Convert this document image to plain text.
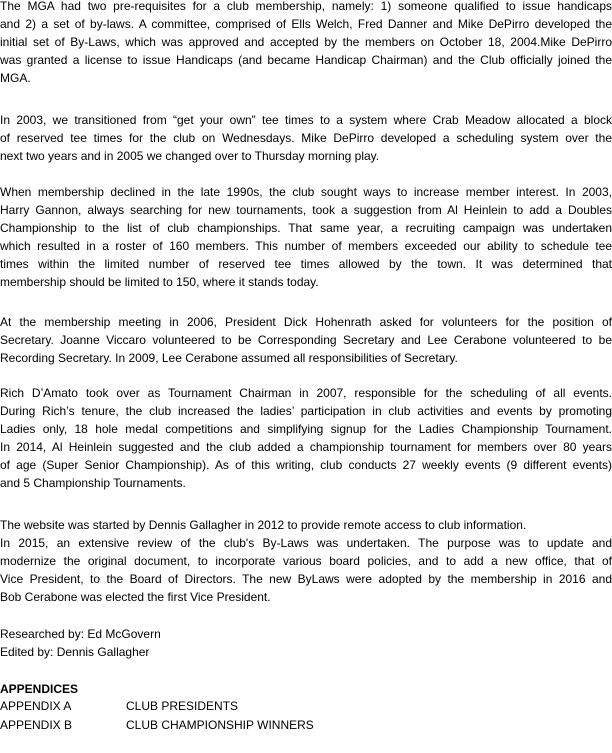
The MGA had two pre-requisites for a club membership, namely: 1) someone qualified to issue handicaps
and 2) a set of by-laws. A committee, comprised of Ells Welch, Fred Danner and Mike DePirro developed the
initial set of By-Laws, which was approved and accepted by the members on October 18, 2004.Mike DePirro
was granted a license to issue Handicaps (and became Handicap Chairman) and the Club officially joined the
MGA.
In 2003, we transitioned from “get your own” tee times to a system where Crab Meadow allocated a block
of reserved tee times for the club on Wednesdays. Mike DePirro developed a scheduling system over the
next two years and in 2005 we changed over to Thursday morning play.
When membership declined in the late 1990s, the club sought ways to increase member interest. In 2003,
Harry Gannon, always searching for new tournaments, took a suggestion from Al Heinlein to add a Doubles
Championship to the list of club championships. That same year, a recruiting campaign was undertaken
which resulted in a roster of 160 members. This number of members exceeded our ability to schedule tee
times within the limited number of reserved tee times allowed by the town. It was determined that
membership should be limited to 150, where it stands today.
At the membership meeting in 2006, President Dick Hohenrath asked for volunteers for the position of
Secretary. Joanne Viccaro volunteered to be Corresponding Secretary and Lee Cerabone volunteered to be
Recording Secretary. In 2009, Lee Cerabone assumed all responsibilities of Secretary.
Rich D’Amato took over as Tournament Chairman in 2007, responsible for the scheduling of all events.
During Rich’s tenure, the club increased the ladies’ participation in club activities and events by promoting
Ladies only, 18 hole medal competitions and simplifying signup for the Ladies Championship Tournament.
In 2014, Al Heinlein suggested and the club added a championship tournament for members over 80 years
of age (Super Senior Championship). As of this writing, club conducts 27 weekly events (9 different events)
and 5 Championship Tournaments.
The website was started by Dennis Gallagher in 2012 to provide remote access to club information.
In 2015, an extensive review of the club's By-Laws was undertaken. The purpose was to update and
modernize the original document, to incorporate various board policies, and to add a new office, that of
Vice President, to the Board of Directors. The new ByLaws were adopted by the membership in 2016 and
Bob Cerabone was elected the first Vice President.
Researched by: Ed McGovern
Edited by: Dennis Gallagher
APPENDICES
APPENDIX A	CLUB PRESIDENTS
APPENDIX B	CLUB CHAMPIONSHIP WINNERS
